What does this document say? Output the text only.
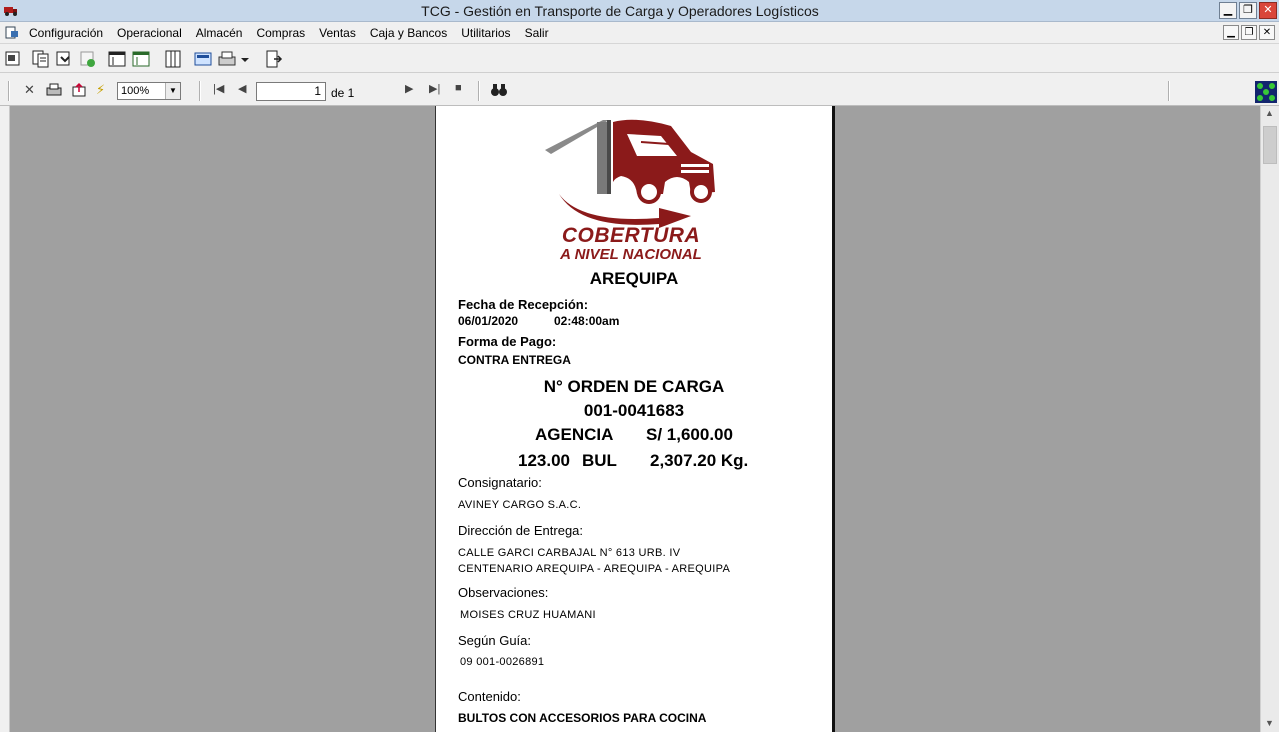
TCG - Gestión en Transporte de Carga y Operadores Logísticos	▁ ❐ ✕
Configuración Operacional Almacén Compras Ventas Caja y Bancos Utilitarios Salir	▁ ❐ ✕
✕	⚡	100%	▼	|◀ ◀	1 de 1	▶ ▶| ■
▲
▼
COBERTURA
A NIVEL NACIONAL
AREQUIPA
Fecha de Recepción:
06/01/2020	02:48:00am
Forma de Pago:
CONTRA ENTREGA
N° ORDEN DE CARGA
001-0041683
AGENCIA S/ 1,600.00
123.00 BUL 2,307.20 Kg.
Consignatario:
AVINEY CARGO S.A.C.
Dirección de Entrega:
CALLE GARCI CARBAJAL N° 613 URB. IV
CENTENARIO AREQUIPA - AREQUIPA - AREQUIPA
Observaciones:
MOISES CRUZ HUAMANI
Según Guía:
09 001-0026891
Contenido:
BULTOS CON ACCESORIOS PARA COCINA
